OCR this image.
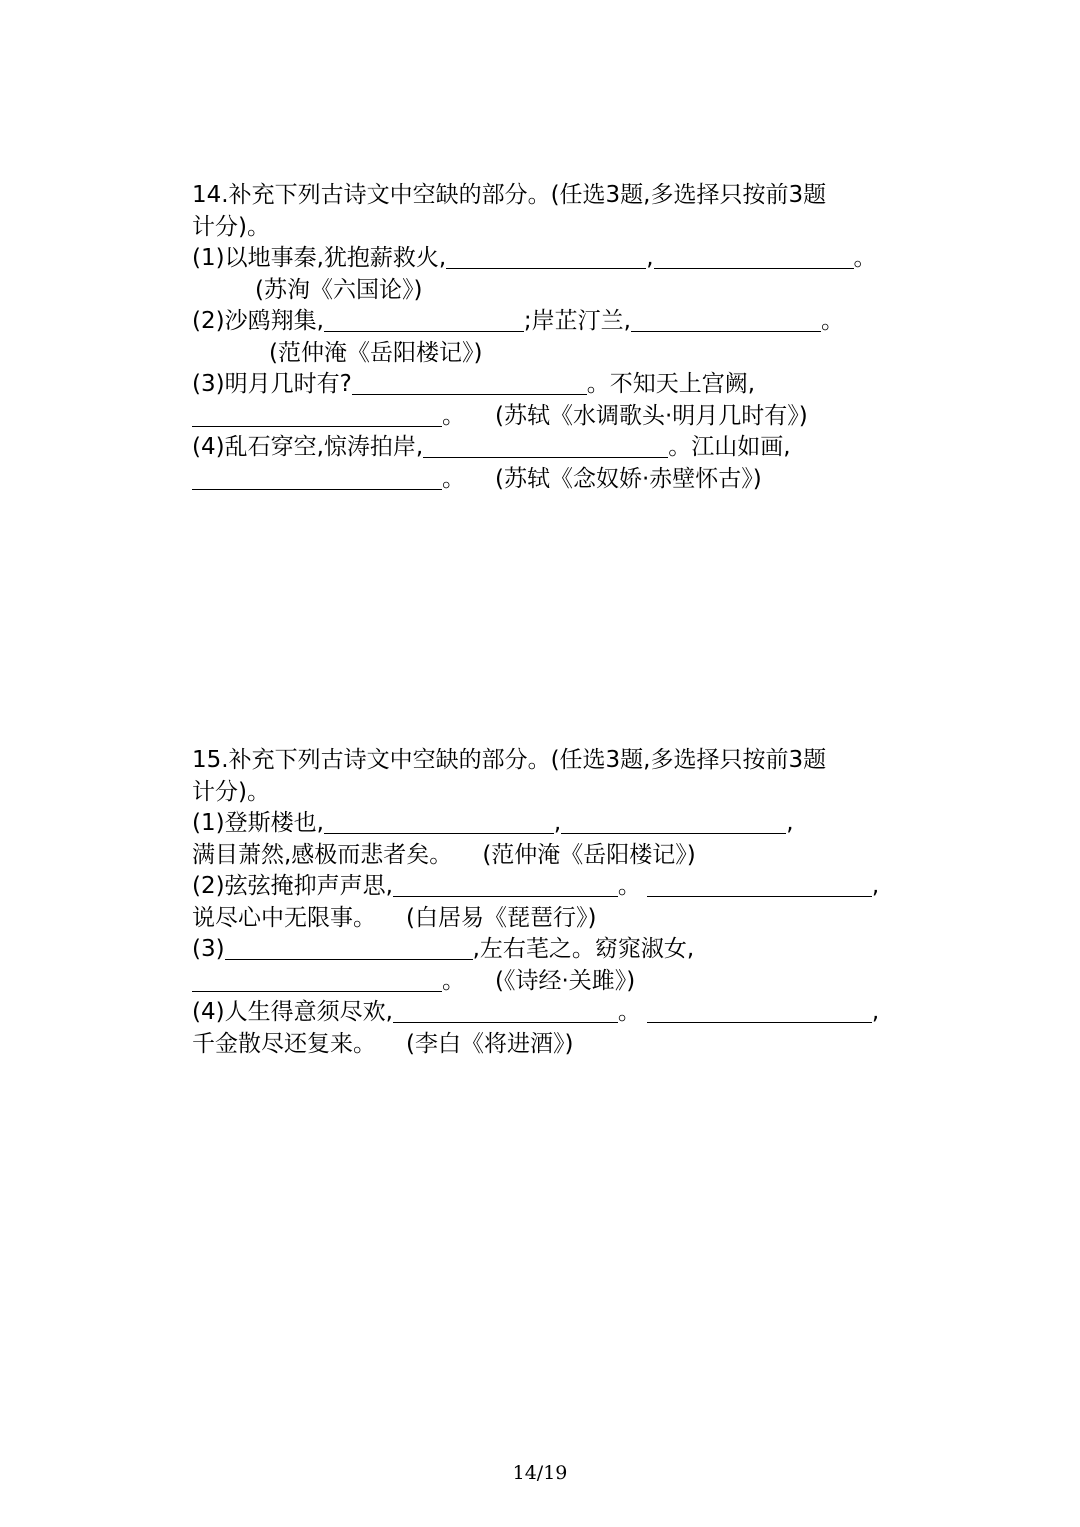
14.补充下列古诗文中空缺的部分。(任选3题,多选择只按前3题
计分)。
(1)以地事秦,犹抱薪救火,	,	。
(苏洵《六国论》)
(2)沙鸥翔集,	;岸芷汀兰,	。
(范仲淹《岳阳楼记》)
(3)明月几时有?	。不知天上宫阙,
。 (苏轼《水调歌头·明月几时有》)
(4)乱石穿空,惊涛拍岸,	。江山如画,
。 (苏轼《念奴娇·赤壁怀古》)
15.补充下列古诗文中空缺的部分。(任选3题,多选择只按前3题
计分)。
(1)登斯楼也,	,	,
满目萧然,感极而悲者矣。 (范仲淹《岳阳楼记》)
(2)弦弦掩抑声声思,	。	,
说尽心中无限事。 (白居易《琵琶行》)
(3)	,左右芼之。窈窕淑女,
。 (《诗经·关雎》)
(4)人生得意须尽欢,	。	,
千金散尽还复来。 (李白《将进酒》)
14/19
